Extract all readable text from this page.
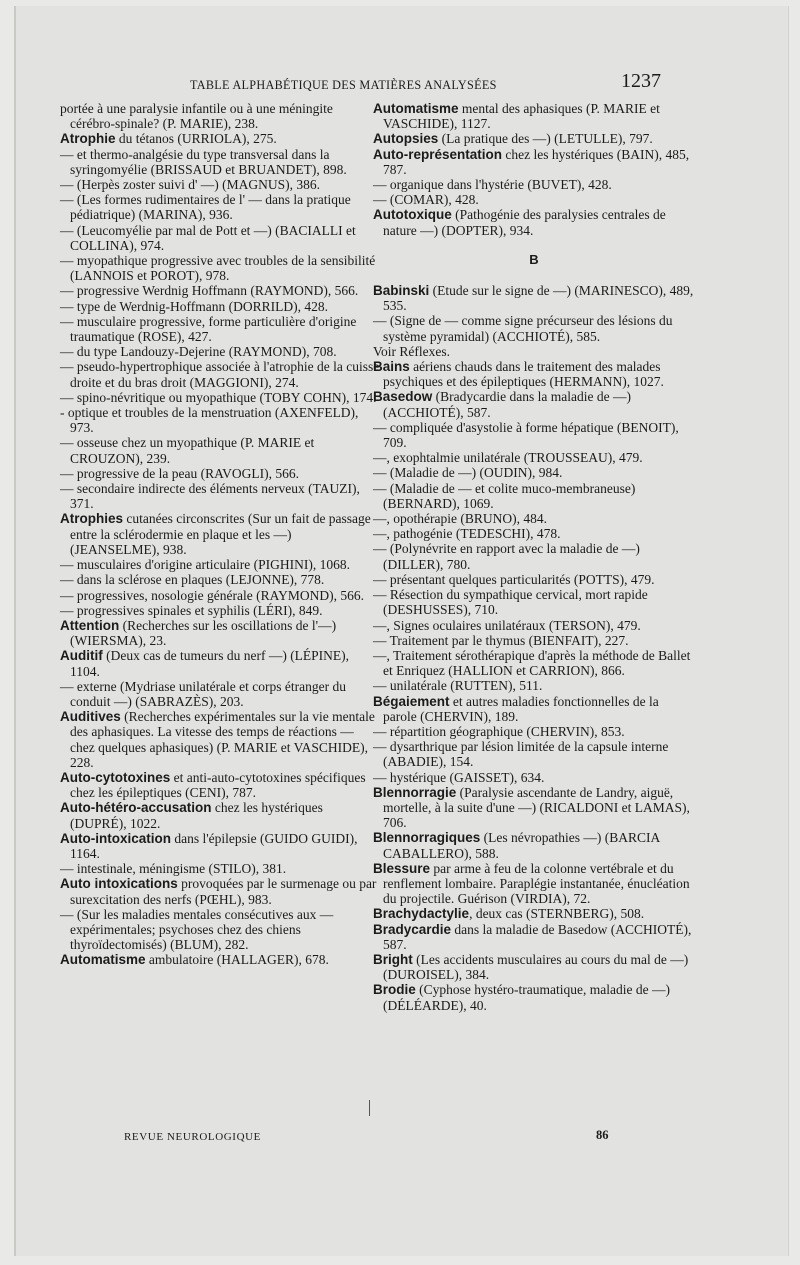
TABLE ALPHABÉTIQUE DES MATIÈRES ANALYSÉES	1237

portée à une paralysie infantile ou à une méningite cérébro-spinale? (P. MARIE), 238.

Atrophie du tétanos (URRIOLA), 275.

— et thermo-analgésie du type transversal dans la syringomyélie (BRISSAUD et BRUANDET), 898.

— (Herpès zoster suivi d' —) (MAGNUS), 386.

— (Les formes rudimentaires de l' — dans la pratique pédiatrique) (MARINA), 936.

— (Leucomyélie par mal de Pott et —) (BACIALLI et COLLINA), 974.

— myopathique progressive avec troubles de la sensibilité (LANNOIS et POROT), 978.

— progressive Werdnig Hoffmann (RAYMOND), 566.

— type de Werdnig-Hoffmann (DORRILD), 428.

— musculaire progressive, forme particulière d'origine traumatique (ROSE), 427.

— du type Landouzy-Dejerine (RAYMOND), 708.

— pseudo-hypertrophique associée à l'atrophie de la cuisse droite et du bras droit (MAGGIONI), 274.

— spino-névritique ou myopathique (TOBY COHN), 174.

- optique et troubles de la menstruation (AXENFELD), 973.

— osseuse chez un myopathique (P. MARIE et CROUZON), 239.

— progressive de la peau (RAVOGLI), 566.

— secondaire indirecte des éléments nerveux (TAUZI), 371.

Atrophies cutanées circonscrites (Sur un fait de passage entre la sclérodermie en plaque et les —) (JEANSELME), 938.

— musculaires d'origine articulaire (PIGHINI), 1068.

— dans la sclérose en plaques (LEJONNE), 778.

— progressives, nosologie générale (RAYMOND), 566.

— progressives spinales et syphilis (LÉRI), 849.

Attention (Recherches sur les oscillations de l'—) (WIERSMA), 23.

Auditif (Deux cas de tumeurs du nerf —) (LÉPINE), 1104.

— externe (Mydriase unilatérale et corps étranger du conduit —) (SABRAZÈS), 203.

Auditives (Recherches expérimentales sur la vie mentale des aphasiques. La vitesse des temps de réactions — chez quelques aphasiques) (P. MARIE et VASCHIDE), 228.

Auto-cytotoxines et anti-auto-cytotoxines spécifiques chez les épileptiques (CENI), 787.

Auto-hétéro-accusation chez les hystériques (DUPRÉ), 1022.

Auto-intoxication dans l'épilepsie (GUIDO GUIDI), 1164.

— intestinale, méningisme (STILO), 381.

Auto intoxications provoquées par le surmenage ou par surexcitation des nerfs (PŒHL), 983.

— (Sur les maladies mentales consécutives aux — expérimentales; psychoses chez des chiens thyroïdectomisés) (BLUM), 282.

Automatisme ambulatoire (HALLAGER), 678.

Automatisme mental des aphasiques (P. MARIE et VASCHIDE), 1127.

Autopsies (La pratique des —) (LETULLE), 797.

Auto-représentation chez les hystériques (BAIN), 485, 787.

— organique dans l'hystérie (BUVET), 428.

— (COMAR), 428.

Autotoxique (Pathogénie des paralysies centrales de nature —) (DOPTER), 934.

B

Babinski (Etude sur le signe de —) (MARINESCO), 489, 535.

— (Signe de — comme signe précurseur des lésions du système pyramidal) (ACCHIOTÉ), 585.

Voir Réflexes.

Bains aériens chauds dans le traitement des malades psychiques et des épileptiques (HERMANN), 1027.

Basedow (Bradycardie dans la maladie de —) (ACCHIOTÉ), 587.

— compliquée d'asystolie à forme hépatique (BENOIT), 709.

—, exophtalmie unilatérale (TROUSSEAU), 479.

— (Maladie de —) (OUDIN), 984.

— (Maladie de — et colite muco-membraneuse) (BERNARD), 1069.

—, opothérapie (BRUNO), 484.

—, pathogénie (TEDESCHI), 478.

— (Polynévrite en rapport avec la maladie de —) (DILLER), 780.

— présentant quelques particularités (POTTS), 479.

— Résection du sympathique cervical, mort rapide (DESHUSSES), 710.

—, Signes oculaires unilatéraux (TERSON), 479.

— Traitement par le thymus (BIENFAIT), 227.

—, Traitement sérothérapique d'après la méthode de Ballet et Enriquez (HALLION et CARRION), 866.

— unilatérale (RUTTEN), 511.

Bégaiement et autres maladies fonctionnelles de la parole (CHERVIN), 189.

— répartition géographique (CHERVIN), 853.

— dysarthrique par lésion limitée de la capsule interne (ABADIE), 154.

— hystérique (GAISSET), 634.

Blennorragie (Paralysie ascendante de Landry, aiguë, mortelle, à la suite d'une —) (RICALDONI et LAMAS), 706.

Blennorragiques (Les névropathies —) (BARCIA CABALLERO), 588.

Blessure par arme à feu de la colonne vertébrale et du renflement lombaire. Paraplégie instantanée, énucléation du projectile. Guérison (VIRDIA), 72.

Brachydactylie, deux cas (STERNBERG), 508.

Bradycardie dans la maladie de Basedow (ACCHIOTÉ), 587.

Bright (Les accidents musculaires au cours du mal de —) (DUROISEL), 384.

Brodie (Cyphose hystéro-traumatique, maladie de —) (DÉLÉARDE), 40.

REVUE NEUROLOGIQUE	86
